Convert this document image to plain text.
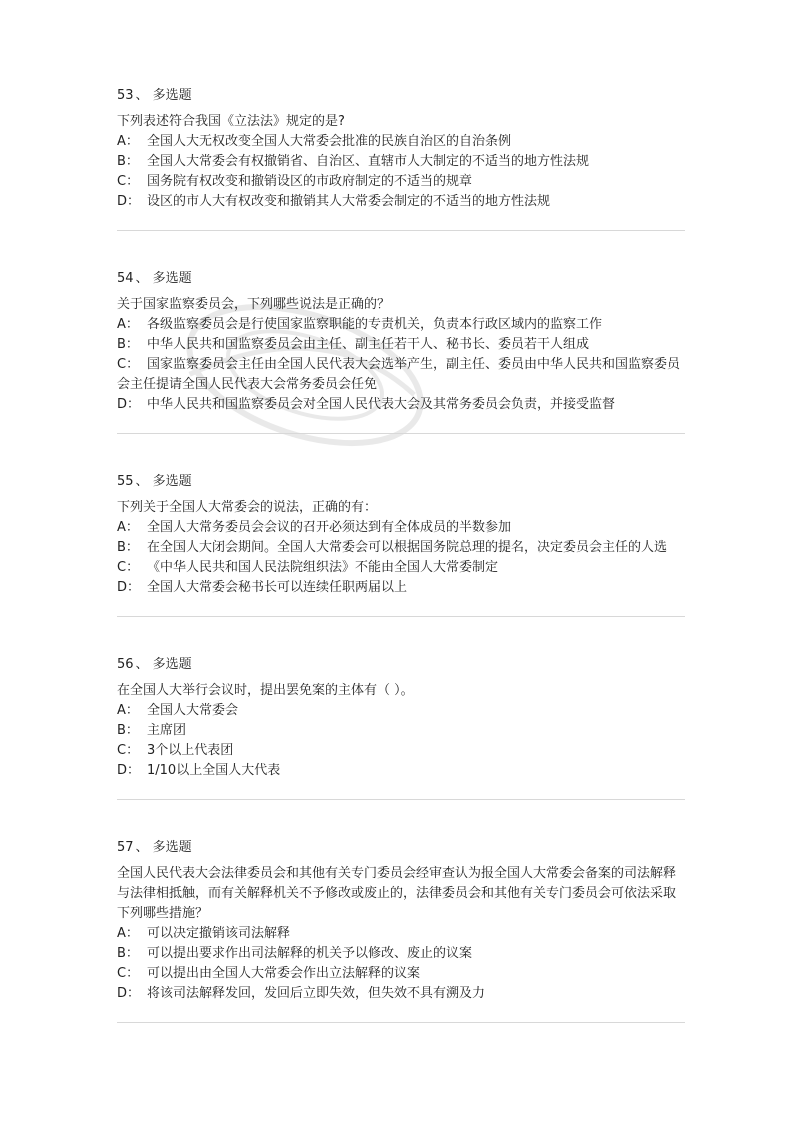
53 、 多选题

下列表述符合我国《立法法》规定的是?

A： 全国人大无权改变全国人大常委会批准的民族自治区的自治条例

B： 全国人大常委会有权撤销省、自治区、直辖市人大制定的不适当的地方性法规

C： 国务院有权改变和撤销设区的市政府制定的不适当的规章

D： 设区的市人大有权改变和撤销其人大常委会制定的不适当的地方性法规

54 、 多选题

关于国家监察委员会，下列哪些说法是正确的？

A： 各级监察委员会是行使国家监察职能的专责机关，负责本行政区域内的监察工作

B： 中华人民共和国监察委员会由主任、副主任若干人、秘书长、委员若干人组成

C： 国家监察委员会主任由全国人民代表大会选举产生，副主任、委员由中华人民共和国监察委员会主任提请全国人民代表大会常务委员会任免

D： 中华人民共和国监察委员会对全国人民代表大会及其常务委员会负责，并接受监督

55 、 多选题

下列关于全国人大常委会的说法，正确的有：

A： 全国人大常务委员会会议的召开必须达到有全体成员的半数参加

B： 在全国人大闭会期间。全国人大常委会可以根据国务院总理的提名，决定委员会主任的人选

C： 《中华人民共和国人民法院组织法》不能由全国人大常委制定

D： 全国人大常委会秘书长可以连续任职两届以上

56 、 多选题

在全国人大举行会议时，提出罢免案的主体有（ ）。

A： 全国人大常委会

B： 主席团

C： 3个以上代表团

D： 1/10以上全国人大代表

57 、 多选题

全国人民代表大会法律委员会和其他有关专门委员会经审查认为报全国人大常委会备案的司法解释与法律相抵触，而有关解释机关不予修改或废止的，法律委员会和其他有关专门委员会可依法采取下列哪些措施？

A： 可以决定撤销该司法解释

B： 可以提出要求作出司法解释的机关予以修改、废止的议案

C： 可以提出由全国人大常委会作出立法解释的议案

D： 将该司法解释发回，发回后立即失效，但失效不具有溯及力
